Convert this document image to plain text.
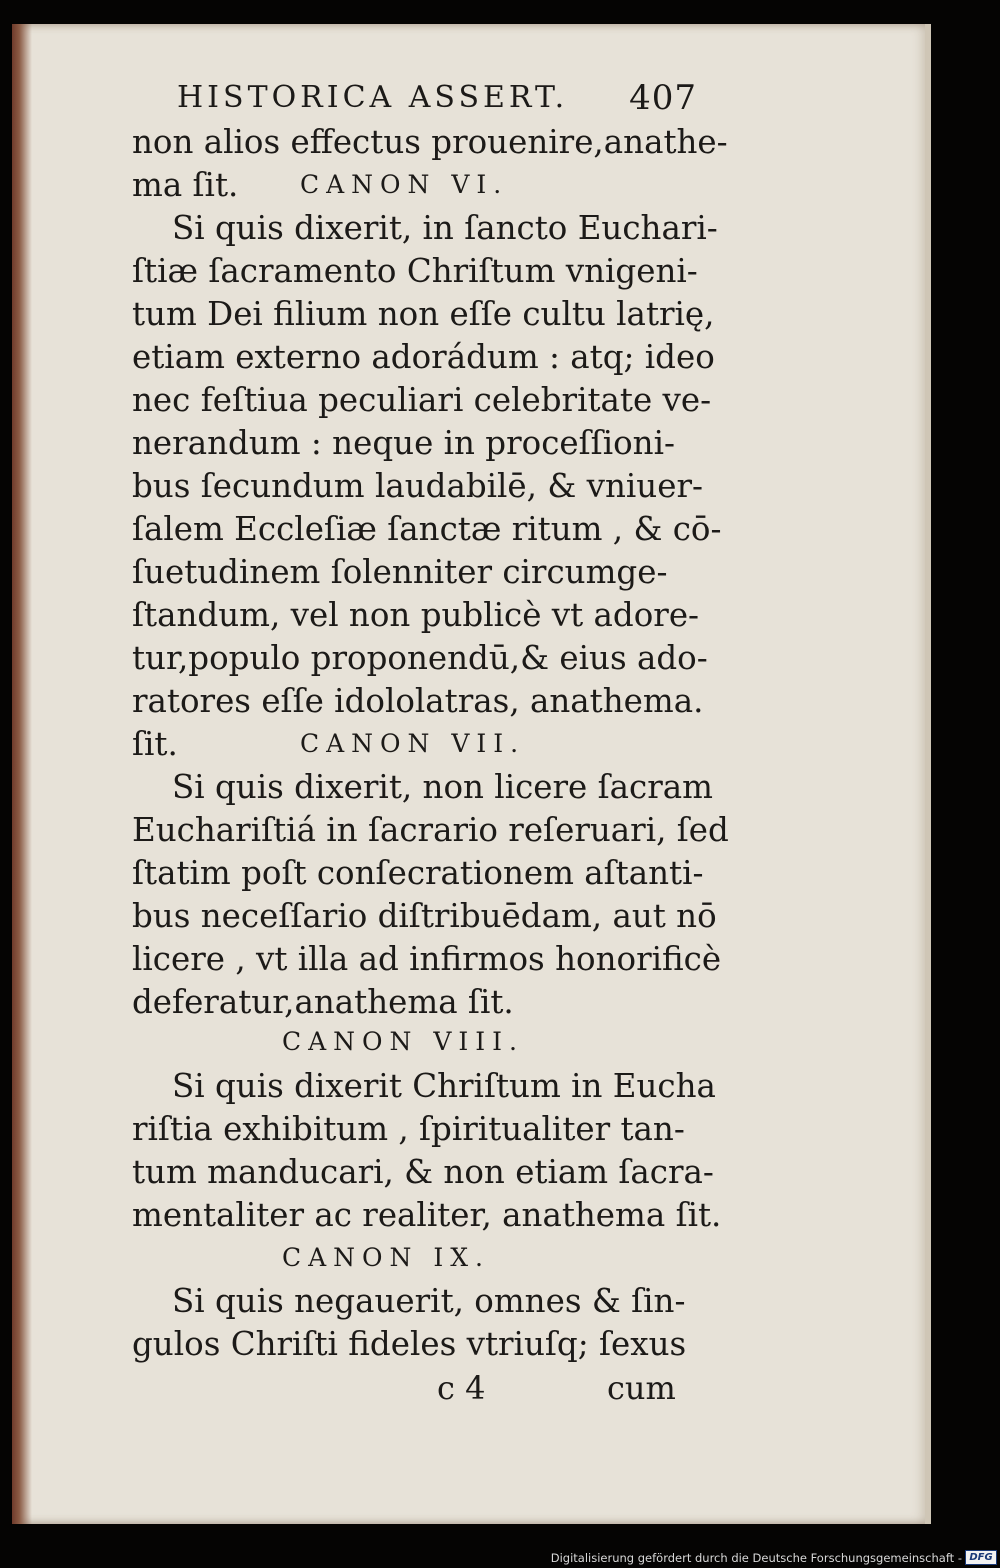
HISTORICA ASSERT. 407
non alios effectus prouenire,anathe-
ma ſit.	CANON VI.
Si quis dixerit, in ſancto Euchari-
ſtiæ ſacramento Chriſtum vnigeni-
tum Dei filium non eſſe cultu latrię,
etiam externo adorádum : atq; ideo
nec feſtiua peculiari celebritate ve-
nerandum : neque in proceſſioni-
bus ſecundum laudabilē, & vniuer-
ſalem Eccleſiæ ſanctæ ritum , & cō-
ſuetudinem ſolenniter circumge-
ſtandum, vel non publicè vt adore-
tur,populo proponendū,& eius ado-
ratores eſſe idololatras, anathema.
ſit.	CANON VII.
Si quis dixerit, non licere ſacram
Euchariſtiá in ſacrario reſeruari, ſed
ſtatim poſt conſecrationem aſtanti-
bus neceſſario diſtribuēdam, aut nō
licere , vt illa ad infirmos honorificè
deferatur,anathema ſit.
CANON VIII.
Si quis dixerit Chriſtum in Eucha
riſtia exhibitum , ſpiritualiter tan-
tum manducari, & non etiam ſacra-
mentaliter ac realiter, anathema ſit.
CANON IX.
Si quis negauerit, omnes & ſin-
gulos Chriſti fideles vtriuſq; ſexus
c 4	cum
Digitalisierung gefördert durch die Deutsche Forschungsgemeinschaft - DFG
